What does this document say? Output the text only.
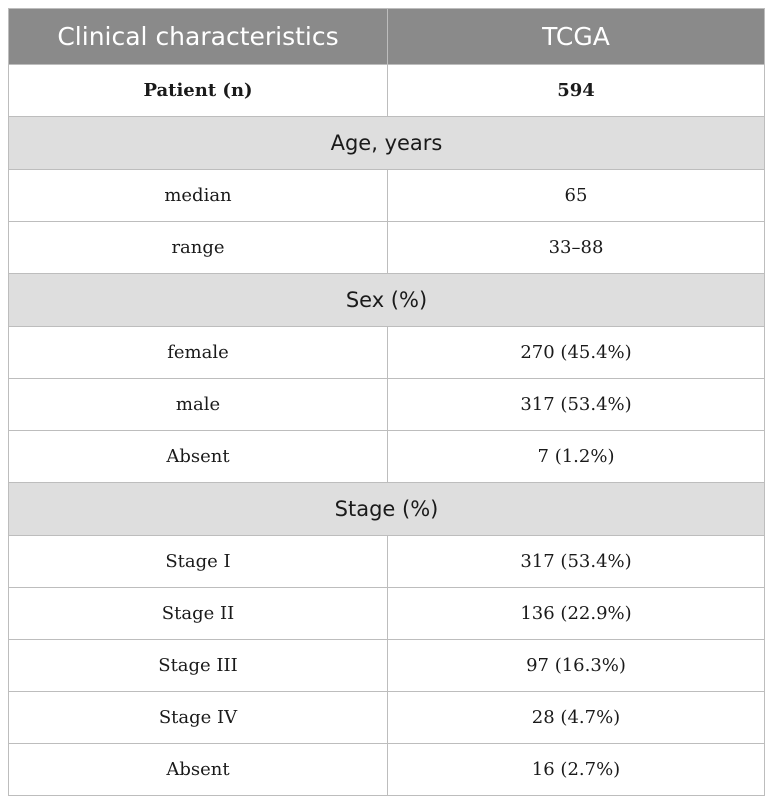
Clinical characteristics	TCGA
Patient (n)	594
Age, years	
median	65
range	33–88
Sex (%)	
female	270 (45.4%)
male	317 (53.4%)
Absent	7 (1.2%)
Stage (%)	
Stage I	317 (53.4%)
Stage II	136 (22.9%)
Stage III	97 (16.3%)
Stage IV	28 (4.7%)
Absent	16 (2.7%)
